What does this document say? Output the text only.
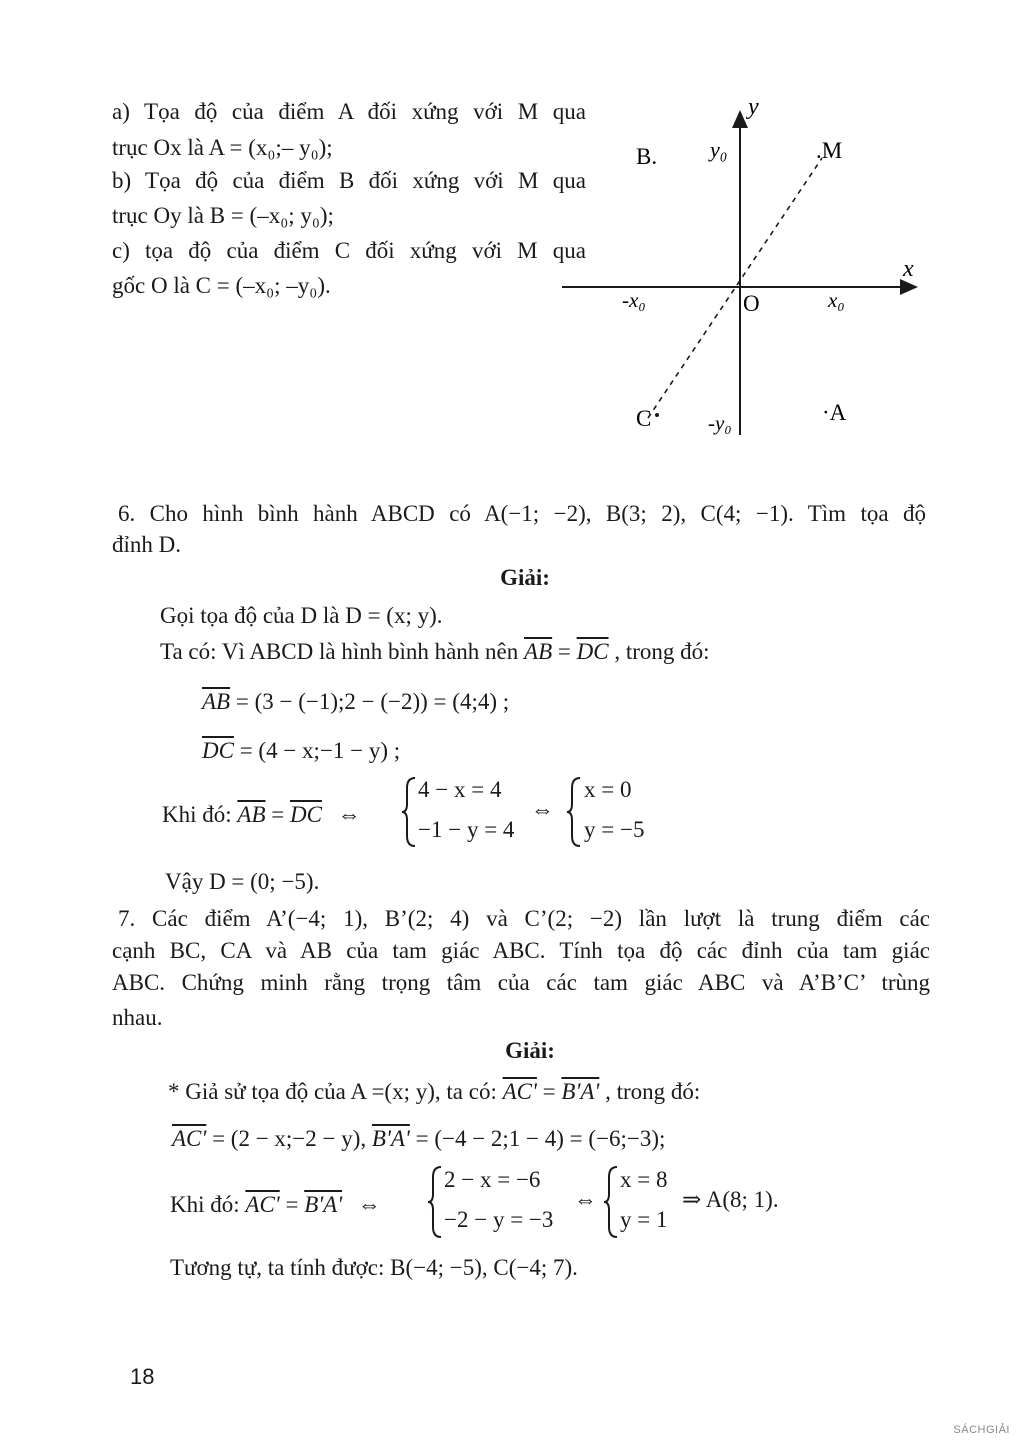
a) Tọa độ của điểm A đối xứng với M qua
trục Ox là A = (x₀;– y₀);
b) Tọa độ của điểm B đối xứng với M qua
trục Oy là B = (–x₀; y₀);
c) tọa độ của điểm C đối xứng với M qua
gốc O là C = (–x₀; –y₀).
y
x
O
B. y₀	.M
-x₀	x₀
C	-y₀	·A
6. Cho hình bình hành ABCD có A(−1; −2), B(3; 2), C(4; −1). Tìm tọa độ
đỉnh D.
Giải:
Gọi tọa độ của D là D = (x; y).
Ta có: Vì ABCD là hình bình hành nên $\overline{AB} = \overline{DC}$ , trong đó:
$\overline{AB} = (3$ − (−1);2 − (−2)) = (4;4) ;
$\overline{DC} = (4$ − x;−1 − y) ;
Khi đó: $\overline{AB} = \overline{DC}$ ⇔
4 − x = 4
−1 − y = 4
⇔
x = 0
y = −5
Vậy D = (0; −5).
7. Các điểm A’(−4; 1), B’(2; 4) và C’(2; −2) lần lượt là trung điểm các
cạnh BC, CA và AB của tam giác ABC. Tính tọa độ các đỉnh của tam giác
ABC. Chứng minh rằng trọng tâm của các tam giác ABC và A’B’C’ trùng
nhau.
Giải:
* Giả sử tọa độ của A =(x; y), ta có: AC' = B'A' , trong đó:
AC' = (2 − x;−2 − y), B'A' = (−4 − 2;1 − 4) = (−6;−3);
Khi đó: AC' = B'A' ⇔
2 − x = −6
−2 − y = −3
⇔
x = 8
y = 1
⇒ A(8; 1).
Tương tự, ta tính được: B(−4; −5), C(−4; 7).
18
SÁCHGIẢI
